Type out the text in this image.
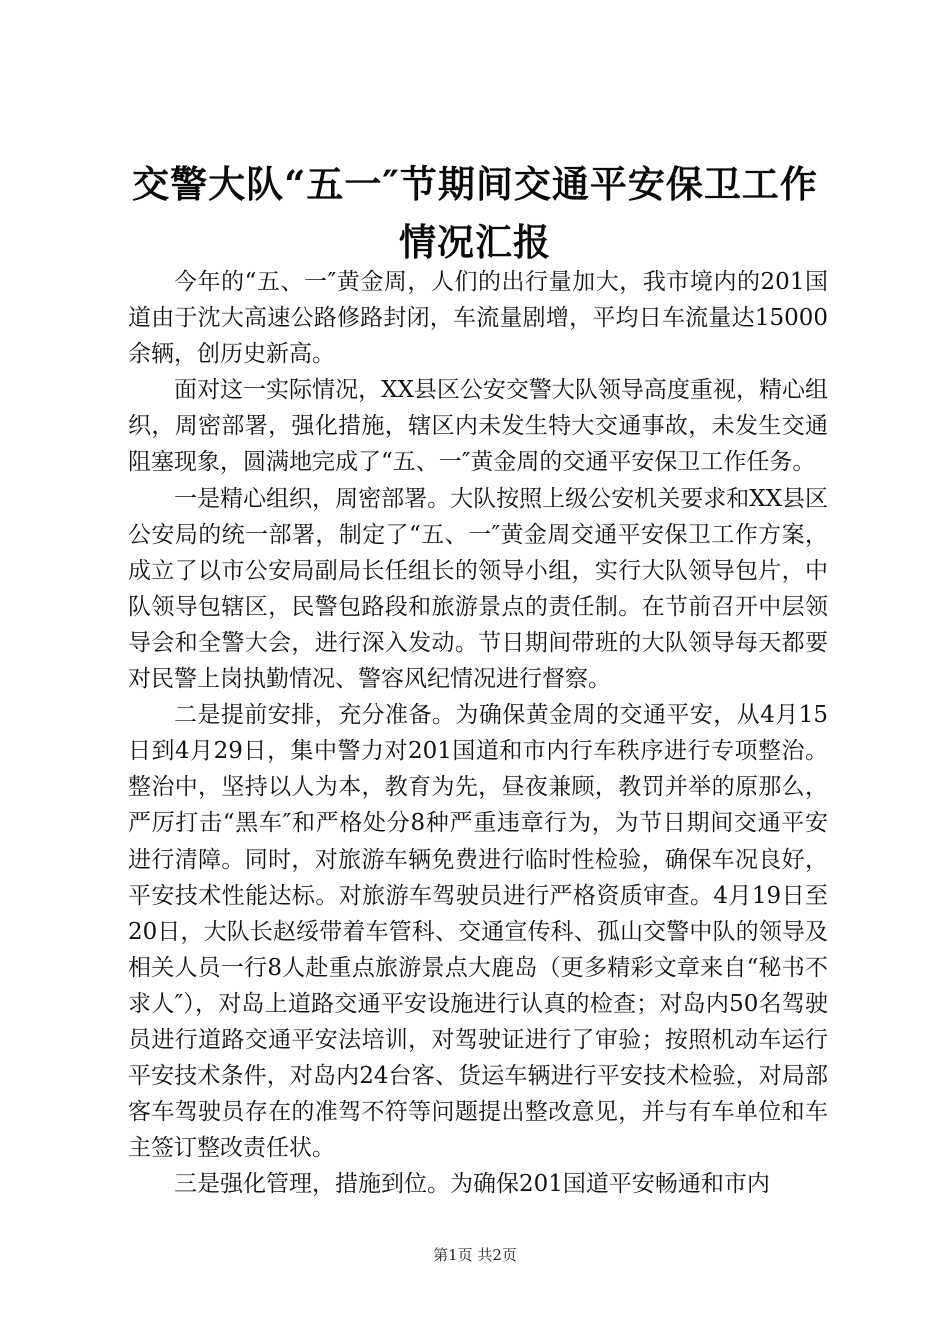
交警大队“五一″节期间交通平安保卫工作情况汇报

今年的“五、一″黄金周，人们的出行量加大，我市境内的201国道由于沈大高速公路修路封闭，车流量剧增，平均日车流量达15000余辆，创历史新高。

面对这一实际情况，XX县区公安交警大队领导高度重视，精心组织，周密部署，强化措施，辖区内未发生特大交通事故，未发生交通阻塞现象，圆满地完成了“五、一″黄金周的交通平安保卫工作任务。

一是精心组织，周密部署。大队按照上级公安机关要求和XX县区公安局的统一部署，制定了“五、一″黄金周交通平安保卫工作方案，成立了以市公安局副局长任组长的领导小组，实行大队领导包片，中队领导包辖区，民警包路段和旅游景点的责任制。在节前召开中层领导会和全警大会，进行深入发动。节日期间带班的大队领导每天都要对民警上岗执勤情况、警容风纪情况进行督察。

二是提前安排，充分准备。为确保黄金周的交通平安，从4月15日到4月29日，集中警力对201国道和市内行车秩序进行专项整治。整治中，坚持以人为本，教育为先，昼夜兼顾，教罚并举的原那么，严厉打击“黑车″和严格处分8种严重违章行为，为节日期间交通平安进行清障。同时，对旅游车辆免费进行临时性检验，确保车况良好，平安技术性能达标。对旅游车驾驶员进行严格资质审查。4月19日至20日，大队长赵绥带着车管科、交通宣传科、孤山交警中队的领导及相关人员一行8人赴重点旅游景点大鹿岛（更多精彩文章来自“秘书不求人″），对岛上道路交通平安设施进行认真的检查；对岛内50名驾驶员进行道路交通平安法培训，对驾驶证进行了审验；按照机动车运行平安技术条件，对岛内24台客、货运车辆进行平安技术检验，对局部客车驾驶员存在的准驾不符等问题提出整改意见，并与有车单位和车主签订整改责任状。

三是强化管理，措施到位。为确保201国道平安畅通和市内

第1页 共2页
